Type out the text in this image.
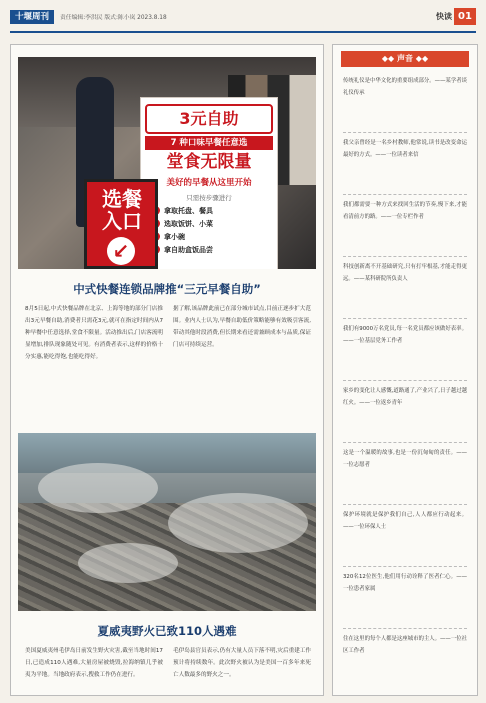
十堰周刊	责任编辑:李洪民 版式:陈小岚 2023.8.18	快读 01
3元自助
7 种口味早餐任意选
堂食无限量
美好的早餐从这里开始
只需按步骤进行
拿取托盘、餐具
选取饭饼、小菜
拿小碗
拿自助盒饭品尝
选餐入口
↙
中式快餐连锁品牌推“三元早餐自助”
8月5日起,中式快餐品牌在北京、上海等地的部分门店推出3元早餐自助,消费者只需花3元,就可在指定时间内从7种早餐中任意选择,堂食不限量。活动推出后,门店客流明显增加,排队现象随处可见。有消费者表示,这样的价格十分实惠,能吃得饱,也能吃得好。
据了解,该品牌此前已在部分城市试点,目前正逐步扩大范围。业内人士认为,早餐自助低价策略能够有效吸引客流,带动其他时段消费,但长期来看还需兼顾成本与品质,保证门店可持续运营。
夏威夷野火已致110人遇难
美国夏威夷州毛伊岛日前发生野火灾害,截至当地时间17日,已造成110人遇难,大量房屋被烧毁,拉海纳镇几乎被夷为平地。当地政府表示,搜救工作仍在进行。
毛伊岛县官员表示,仍有大量人员下落不明,灾后重建工作预计将持续数年。此次野火被认为是美国一百多年来死亡人数最多的野火之一。
◆◆ 声音 ◆◆
传统礼仪是中华文化的重要组成部分。——某学者谈礼仪传承
我父亲曾经是一名乡村教师,他常说,读书是改变命运最好的方式。——一位读者来信
我们都需要一种方式来找回生活的节奏,慢下来,才能看清前方的路。——一位专栏作者
科技创新离不开基础研究,只有打牢根基,才能走得更远。——某科研院所负责人
我们有9000万名党员,每一名党员都应该做好表率。——一位基层党务工作者
家乡的变化让人感慨,道路通了,产业兴了,日子越过越红火。——一位返乡青年
这是一个温暖的故事,也是一份沉甸甸的责任。——一位志愿者
保护环境就是保护我们自己,人人都应行动起来。——一位环保人士
320名12位医生,他们用行动诠释了医者仁心。——一位患者家属
住在这里的每个人都是这座城市的主人。——一位社区工作者
